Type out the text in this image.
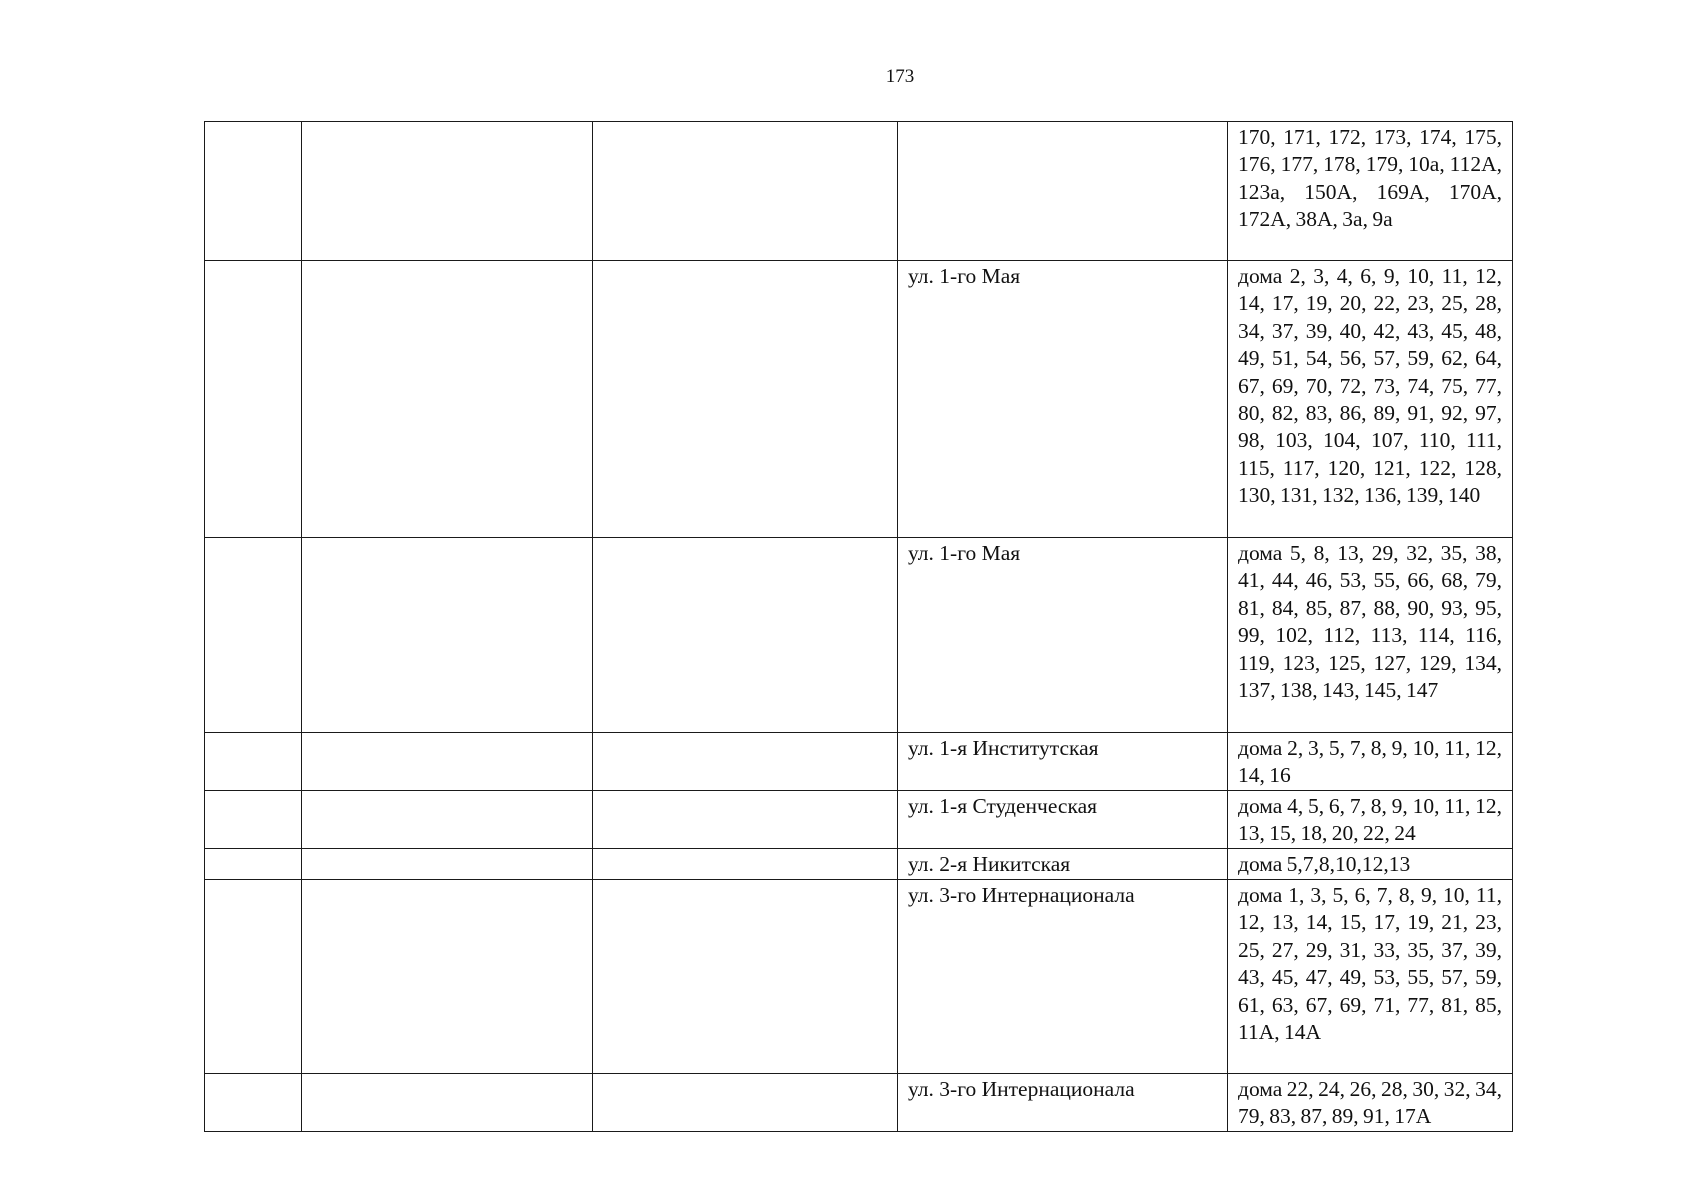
173
				170, 171, 172, 173, 174, 175, 176, 177, 178, 179, 10а, 112А, 123а, 150А, 169А, 170А, 172А, 38А, 3а, 9а
			ул. 1-го Мая	дома 2, 3, 4, 6, 9, 10, 11, 12, 14, 17, 19, 20, 22, 23, 25, 28, 34, 37, 39, 40, 42, 43, 45, 48, 49, 51, 54, 56, 57, 59, 62, 64, 67, 69, 70, 72, 73, 74, 75, 77, 80, 82, 83, 86, 89, 91, 92, 97, 98, 103, 104, 107, 110, 111, 115, 117, 120, 121, 122, 128, 130, 131, 132, 136, 139, 140
			ул. 1-го Мая	дома 5, 8, 13, 29, 32, 35, 38, 41, 44, 46, 53, 55, 66, 68, 79, 81, 84, 85, 87, 88, 90, 93, 95, 99, 102, 112, 113, 114, 116, 119, 123, 125, 127, 129, 134, 137, 138, 143, 145, 147
			ул. 1-я Институтская	дома 2, 3, 5, 7, 8, 9, 10, 11, 12, 14, 16
			ул. 1-я Студенческая	дома 4, 5, 6, 7, 8, 9, 10, 11, 12, 13, 15, 18, 20, 22, 24
			ул. 2-я Никитская	дома 5,7,8,10,12,13
			ул. 3-го Интернационала	дома 1, 3, 5, 6, 7, 8, 9, 10, 11, 12, 13, 14, 15, 17, 19, 21, 23, 25, 27, 29, 31, 33, 35, 37, 39, 43, 45, 47, 49, 53, 55, 57, 59, 61, 63, 67, 69, 71, 77, 81, 85, 11А, 14А
			ул. 3-го Интернационала	дома 22, 24, 26, 28, 30, 32, 34, 79, 83, 87, 89, 91, 17А
